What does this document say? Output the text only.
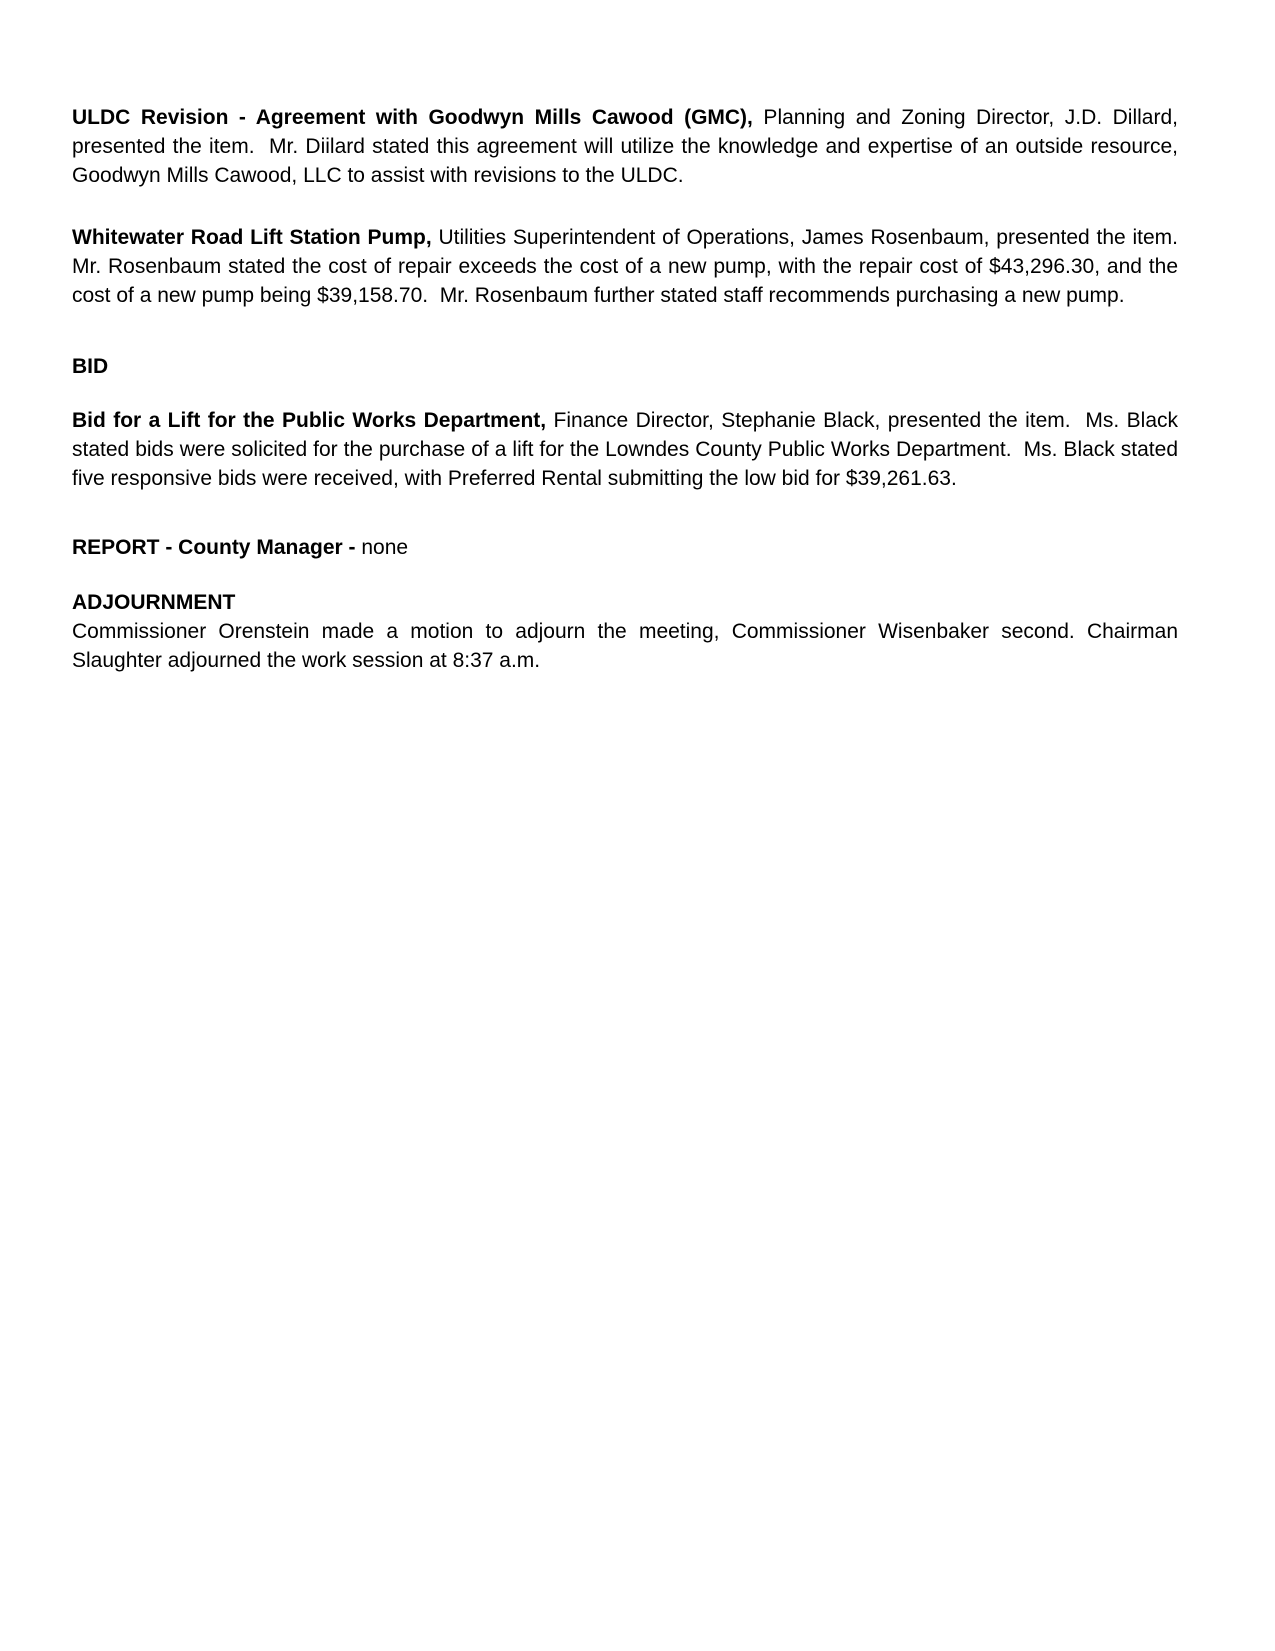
ULDC Revision - Agreement with Goodwyn Mills Cawood (GMC), Planning and Zoning Director, J.D. Dillard, presented the item.  Mr. Diilard stated this agreement will utilize the knowledge and expertise of an outside resource, Goodwyn Mills Cawood, LLC to assist with revisions to the ULDC.

Whitewater Road Lift Station Pump, Utilities Superintendent of Operations, James Rosenbaum, presented the item.  Mr. Rosenbaum stated the cost of repair exceeds the cost of a new pump, with the repair cost of $43,296.30, and the cost of a new pump being $39,158.70.  Mr. Rosenbaum further stated staff recommends purchasing a new pump.

BID

Bid for a Lift for the Public Works Department, Finance Director, Stephanie Black, presented the item.  Ms. Black stated bids were solicited for the purchase of a lift for the Lowndes County Public Works Department.  Ms. Black stated five responsive bids were received, with Preferred Rental submitting the low bid for $39,261.63.

REPORT - County Manager - none

ADJOURNMENT

Commissioner Orenstein made a motion to adjourn the meeting, Commissioner Wisenbaker second. Chairman Slaughter adjourned the work session at 8:37 a.m.
